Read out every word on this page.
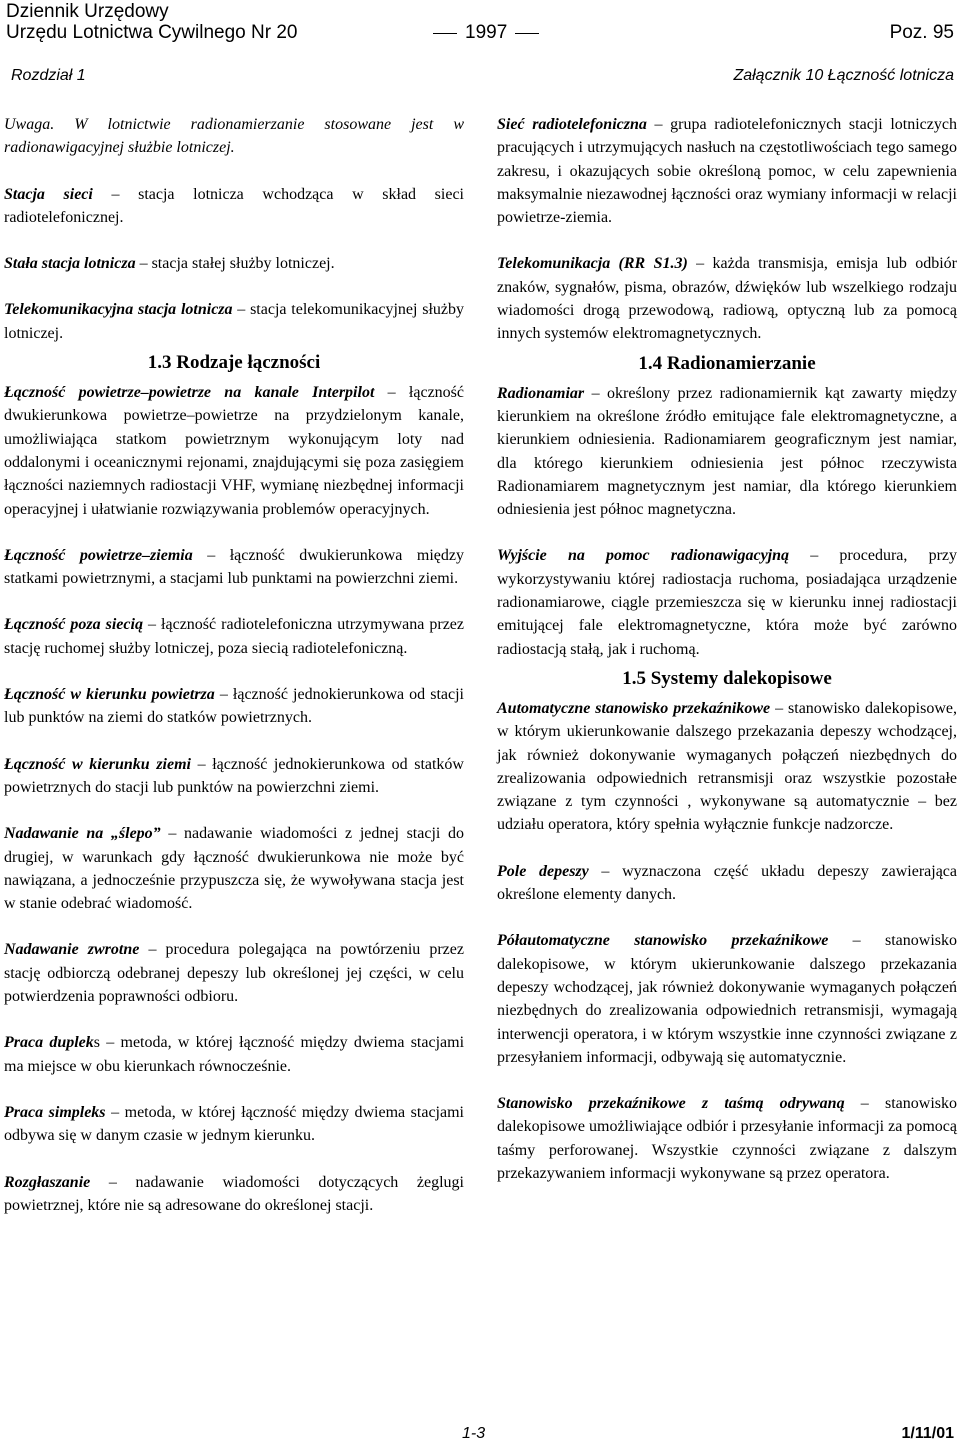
Dziennik Urzędowy
Urzędu Lotnictwa Cywilnego Nr 20	1997	Poz. 95
Rozdział 1	Załącznik 10 Łączność lotnicza

Uwaga. W lotnictwie radionamierzanie stosowane jest w radionawigacyjnej służbie lotniczej.

Stacja sieci – stacja lotnicza wchodząca w skład sieci radiotelefonicznej.

Stała stacja lotnicza – stacja stałej służby lotniczej.

Telekomunikacyjna stacja lotnicza – stacja telekomunikacyjnej służby lotniczej.

1.3 Rodzaje łączności

Łączność powietrze–powietrze na kanale Interpilot – łączność dwukierunkowa powietrze–powietrze na przydzielonym kanale, umożliwiająca statkom powietrznym wykonującym loty nad oddalonymi i oceanicznymi rejonami, znajdującymi się poza zasięgiem łączności naziemnych radiostacji VHF, wymianę niezbędnej informacji operacyjnej i ułatwianie rozwiązywania problemów operacyjnych.

Łączność powietrze–ziemia – łączność dwukierunkowa między statkami powietrznymi, a stacjami lub punktami na powierzchni ziemi.

Łączność poza siecią – łączność radiotelefoniczna utrzymywana przez stację ruchomej służby lotniczej, poza siecią radiotelefoniczną.

Łączność w kierunku powietrza – łączność jednokierunkowa od stacji lub punktów na ziemi do statków powietrznych.

Łączność w kierunku ziemi – łączność jednokierunkowa od statków powietrznych do stacji lub punktów na powierzchni ziemi.

Nadawanie na „ślepo” – nadawanie wiadomości z jednej stacji do drugiej, w warunkach gdy łączność dwukierunkowa nie może być nawiązana, a jednocześnie przypuszcza się, że wywoływana stacja jest w stanie odebrać wiadomość.

Nadawanie zwrotne – procedura polegająca na powtórzeniu przez stację odbiorczą odebranej depeszy lub określonej jej części, w celu potwierdzenia poprawności odbioru.

Praca dupleks – metoda, w której łączność między dwiema stacjami ma miejsce w obu kierunkach równocześnie.

Praca simpleks – metoda, w której łączność między dwiema stacjami odbywa się w danym czasie w jednym kierunku.

Rozgłaszanie – nadawanie wiadomości dotyczących żeglugi powietrznej, które nie są adresowane do określonej stacji.

Sieć radiotelefoniczna – grupa radiotelefonicznych stacji lotniczych pracujących i utrzymujących nasłuch na częstotliwościach tego samego zakresu, i okazujących sobie określoną pomoc, w celu zapewnienia maksymalnie niezawodnej łączności oraz wymiany informacji w relacji powietrze-ziemia.

Telekomunikacja (RR S1.3) – każda transmisja, emisja lub odbiór znaków, sygnałów, pisma, obrazów, dźwięków lub wszelkiego rodzaju wiadomości drogą przewodową, radiową, optyczną lub za pomocą innych systemów elektromagnetycznych.

1.4 Radionamierzanie

Radionamiar – określony przez radionamiernik kąt zawarty między kierunkiem na określone źródło emitujące fale elektromagnetyczne, a kierunkiem odniesienia. Radionamiarem geograficznym jest namiar, dla którego kierunkiem odniesienia jest północ rzeczywista Radionamiarem magnetycznym jest namiar, dla którego kierunkiem odniesienia jest północ magnetyczna.

Wyjście na pomoc radionawigacyjną – procedura, przy wykorzystywaniu której radiostacja ruchoma, posiadająca urządzenie radionamiarowe, ciągle przemieszcza się w kierunku innej radiostacji emitującej fale elektromagnetyczne, która może być zarówno radiostacją stałą, jak i ruchomą.

1.5 Systemy dalekopisowe

Automatyczne stanowisko przekaźnikowe – stanowisko dalekopisowe, w którym ukierunkowanie dalszego przekazania depeszy wchodzącej, jak również dokonywanie wymaganych połączeń niezbędnych do zrealizowania odpowiednich retransmisji oraz wszystkie pozostałe związane z tym czynności , wykonywane są automatycznie – bez udziału operatora, który spełnia wyłącznie funkcje nadzorcze.

Pole depeszy – wyznaczona część układu depeszy zawierająca określone elementy danych.

Półautomatyczne stanowisko przekaźnikowe – stanowisko dalekopisowe, w którym ukierunkowanie dalszego przekazania depeszy wchodzącej, jak również dokonywanie wymaganych połączeń niezbędnych do zrealizowania odpowiednich retransmisji, wymagają interwencji operatora, i w którym wszystkie inne czynności związane z przesyłaniem informacji, odbywają się automatycznie.

Stanowisko przekaźnikowe z taśmą odrywaną – stanowisko dalekopisowe umożliwiające odbiór i przesyłanie informacji za pomocą taśmy perforowanej. Wszystkie czynności związane z dalszym przekazywaniem informacji wykonywane są przez operatora.

1-3	1/11/01
